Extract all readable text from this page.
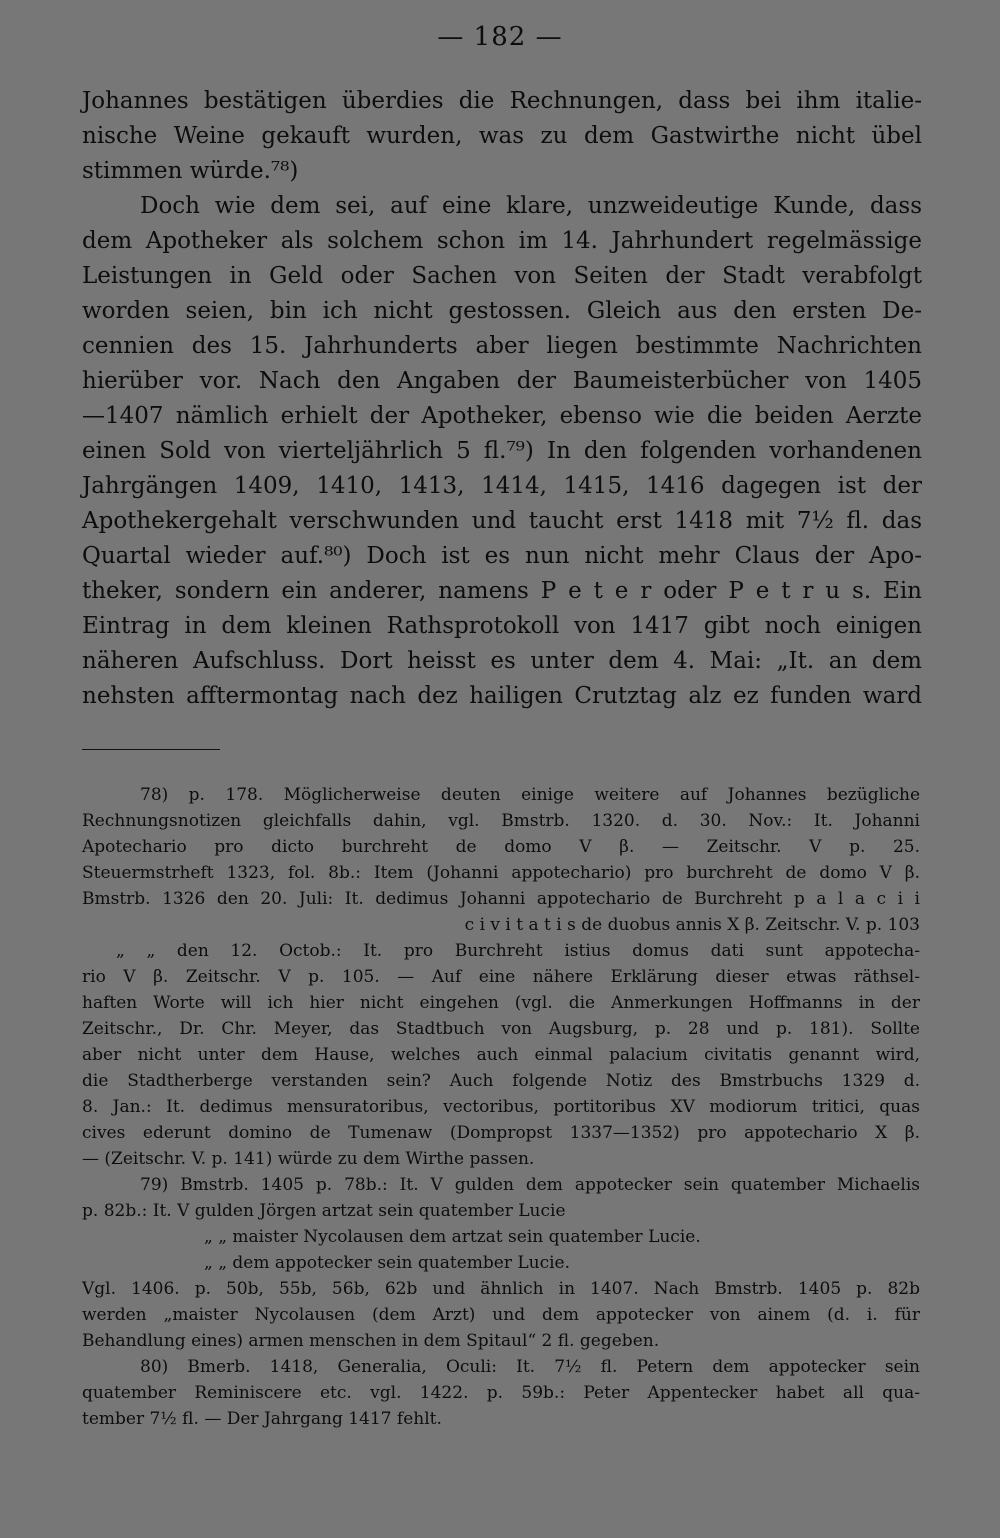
— 182 —
Johannes bestätigen überdies die Rechnungen, dass bei ihm italie-
nische Weine gekauft wurden, was zu dem Gastwirthe nicht übel
stimmen würde.⁷⁸)
Doch wie dem sei, auf eine klare, unzweideutige Kunde, dass
dem Apotheker als solchem schon im 14. Jahrhundert regelmässige
Leistungen in Geld oder Sachen von Seiten der Stadt verabfolgt
worden seien, bin ich nicht gestossen. Gleich aus den ersten De-
cennien des 15. Jahrhunderts aber liegen bestimmte Nachrichten
hierüber vor. Nach den Angaben der Baumeisterbücher von 1405
—1407 nämlich erhielt der Apotheker, ebenso wie die beiden Aerzte
einen Sold von vierteljährlich 5 fl.⁷⁹) In den folgenden vorhandenen
Jahrgängen 1409, 1410, 1413, 1414, 1415, 1416 dagegen ist der
Apothekergehalt verschwunden und taucht erst 1418 mit 7½ fl. das
Quartal wieder auf.⁸⁰) Doch ist es nun nicht mehr Claus der Apo-
theker, sondern ein anderer, namens P e t e r oder P e t r u s. Ein
Eintrag in dem kleinen Rathsprotokoll von 1417 gibt noch einigen
näheren Aufschluss. Dort heisst es unter dem 4. Mai: „It. an dem
nehsten afftermontag nach dez hailigen Crutztag alz ez funden ward
78) p. 178. Möglicherweise deuten einige weitere auf Johannes bezügliche
Rechnungsnotizen gleichfalls dahin, vgl. Bmstrb. 1320. d. 30. Nov.: It. Johanni
Apotechario pro dicto burchreht de domo V β. — Zeitschr. V p. 25.
Steuermstrheft 1323, fol. 8b.: Item (Johanni appotechario) pro burchreht de domo V β.
Bmstrb. 1326 den 20. Juli: It. dedimus Johanni appotechario de Burchreht p a l a c i i
c i v i t a t i s de duobus annis X β. Zeitschr. V. p. 103
„ „ den 12. Octob.: It. pro Burchreht istius domus dati sunt appotecha-
rio V β. Zeitschr. V p. 105. — Auf eine nähere Erklärung dieser etwas räthsel-
haften Worte will ich hier nicht eingehen (vgl. die Anmerkungen Hoffmanns in der
Zeitschr., Dr. Chr. Meyer, das Stadtbuch von Augsburg, p. 28 und p. 181). Sollte
aber nicht unter dem Hause, welches auch einmal palacium civitatis genannt wird,
die Stadtherberge verstanden sein? Auch folgende Notiz des Bmstrbuchs 1329 d.
8. Jan.: It. dedimus mensuratoribus, vectoribus, portitoribus XV modiorum tritici, quas
cives ederunt domino de Tumenaw (Dompropst 1337—1352) pro appotechario X β.
— (Zeitschr. V. p. 141) würde zu dem Wirthe passen.
79) Bmstrb. 1405 p. 78b.: It. V gulden dem appotecker sein quatember Michaelis
p. 82b.: It. V gulden Jörgen artzat sein quatember Lucie
„ „ maister Nycolausen dem artzat sein quatember Lucie.
„ „ dem appotecker sein quatember Lucie.
Vgl. 1406. p. 50b, 55b, 56b, 62b und ähnlich in 1407. Nach Bmstrb. 1405 p. 82b
werden „maister Nycolausen (dem Arzt) und dem appotecker von ainem (d. i. für
Behandlung eines) armen menschen in dem Spitaul“ 2 fl. gegeben.
80) Bmerb. 1418, Generalia, Oculi: It. 7½ fl. Petern dem appotecker sein
quatember Reminiscere etc. vgl. 1422. p. 59b.: Peter Appentecker habet all qua-
tember 7½ fl. — Der Jahrgang 1417 fehlt.
